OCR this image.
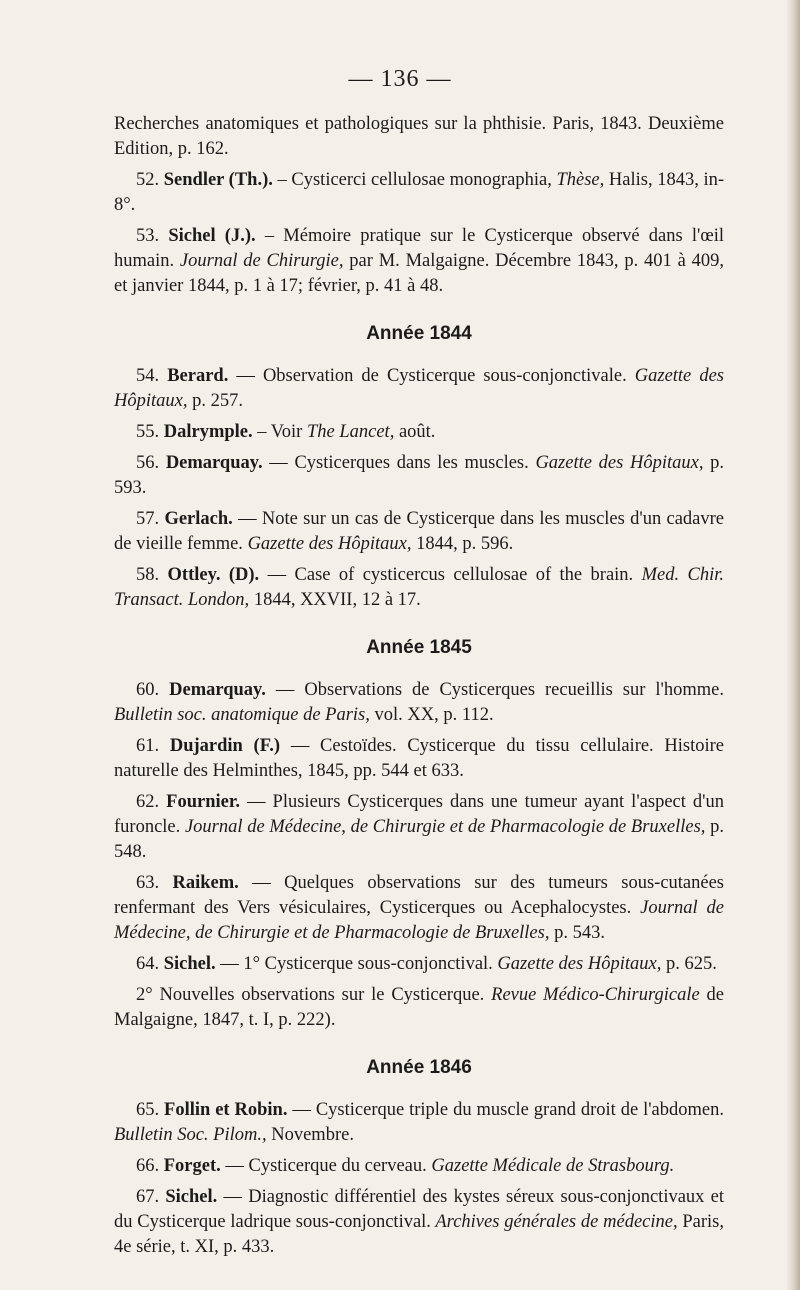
— 136 —

Recherches anatomiques et pathologiques sur la phthisie. Paris, 1843. Deuxième Edition, p. 162.

52. Sendler (Th.). – Cysticerci cellulosae monographia, Thèse, Halis, 1843, in-8°.

53. Sichel (J.). – Mémoire pratique sur le Cysticerque observé dans l'œil humain. Journal de Chirurgie, par M. Malgaigne. Décembre 1843, p. 401 à 409, et janvier 1844, p. 1 à 17; février, p. 41 à 48.

Année 1844

54. Berard. — Observation de Cysticerque sous-conjonctivale. Gazette des Hôpitaux, p. 257.

55. Dalrymple. – Voir The Lancet, août.

56. Demarquay. — Cysticerques dans les muscles. Gazette des Hôpitaux, p. 593.

57. Gerlach. — Note sur un cas de Cysticerque dans les muscles d'un cadavre de vieille femme. Gazette des Hôpitaux, 1844, p. 596.

58. Ottley. (D). — Case of cysticercus cellulosae of the brain. Med. Chir. Transact. London, 1844, XXVII, 12 à 17.

Année 1845

60. Demarquay. — Observations de Cysticerques recueillis sur l'homme. Bulletin soc. anatomique de Paris, vol. XX, p. 112.

61. Dujardin (F.) — Cestoïdes. Cysticerque du tissu cellulaire. Histoire naturelle des Helminthes, 1845, pp. 544 et 633.

62. Fournier. — Plusieurs Cysticerques dans une tumeur ayant l'aspect d'un furoncle. Journal de Médecine, de Chirurgie et de Pharmacologie de Bruxelles, p. 548.

63. Raikem. — Quelques observations sur des tumeurs sous-cutanées renfermant des Vers vésiculaires, Cysticerques ou Acephalocystes. Journal de Médecine, de Chirurgie et de Pharmacologie de Bruxelles, p. 543.

64. Sichel. — 1° Cysticerque sous-conjonctival. Gazette des Hôpitaux, p. 625.

2° Nouvelles observations sur le Cysticerque. Revue Médico-Chirurgicale de Malgaigne, 1847, t. I, p. 222).

Année 1846

65. Follin et Robin. — Cysticerque triple du muscle grand droit de l'abdomen. Bulletin Soc. Pilom., Novembre.

66. Forget. — Cysticerque du cerveau. Gazette Médicale de Strasbourg.

67. Sichel. — Diagnostic différentiel des kystes séreux sous-conjonctivaux et du Cysticerque ladrique sous-conjonctival. Archives générales de médecine, Paris, 4e série, t. XI, p. 433.
